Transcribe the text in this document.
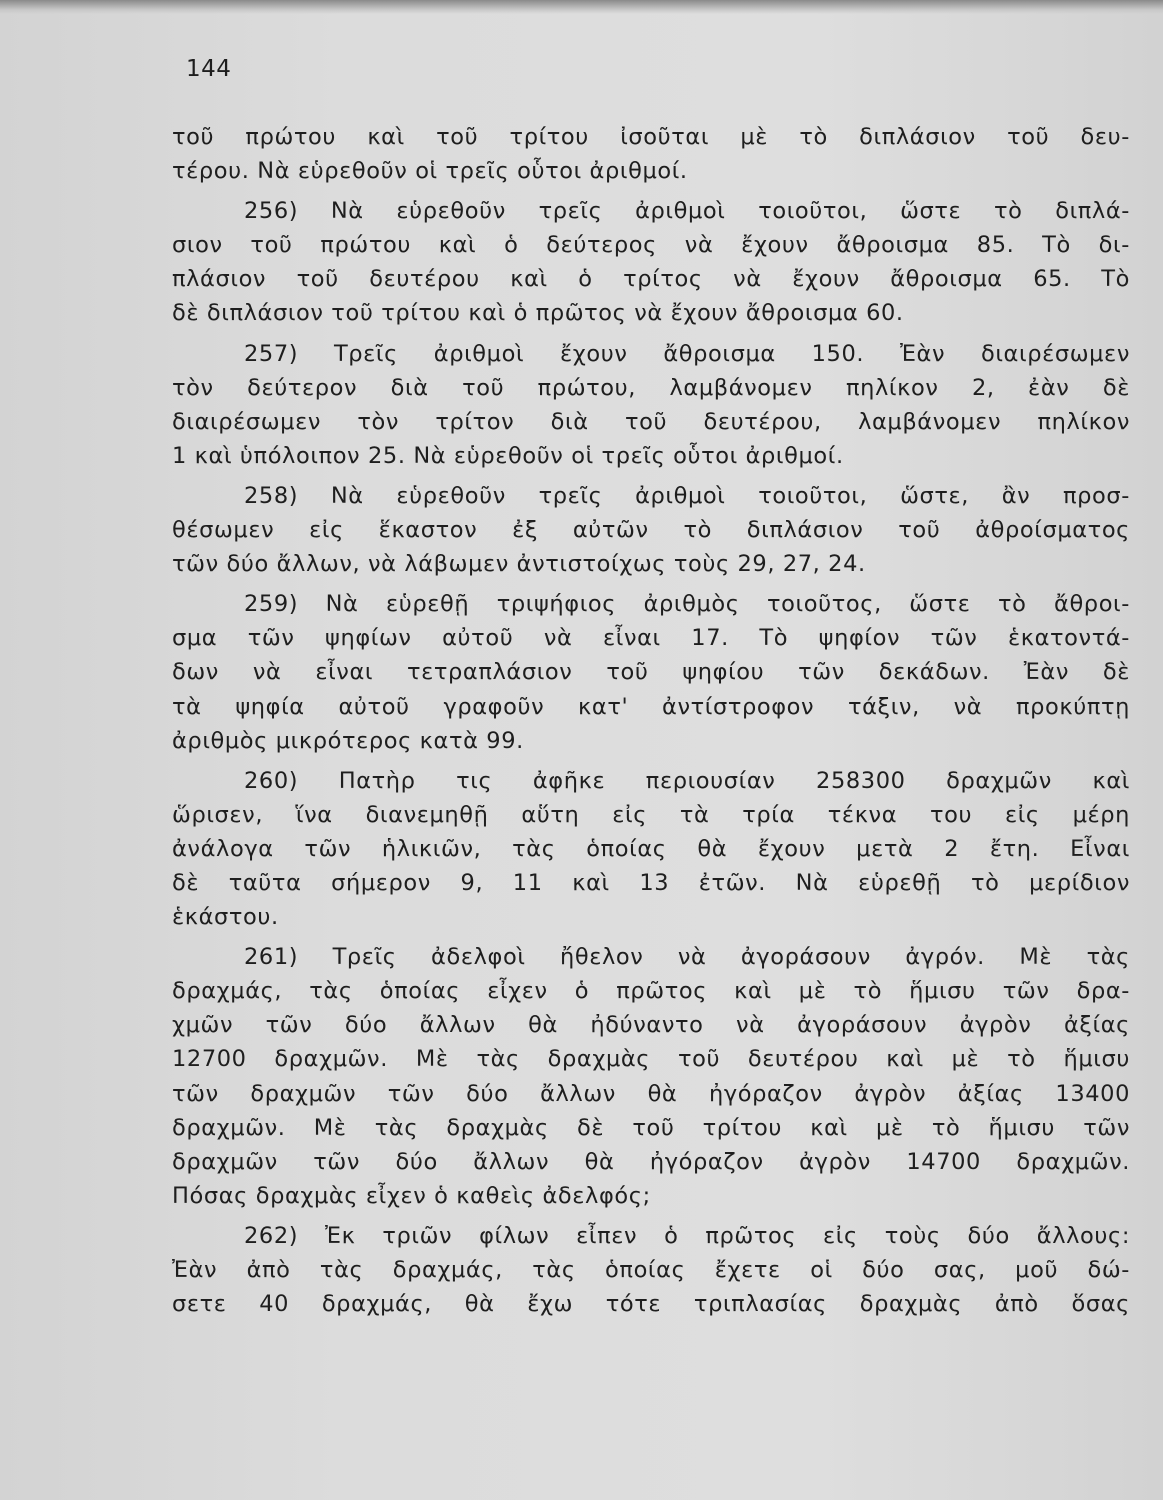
144
τοῦ πρώτου καὶ τοῦ τρίτου ἰσοῦται μὲ τὸ διπλάσιον τοῦ δευ-
τέρου. Νὰ εὑρεθοῦν οἱ τρεῖς οὗτοι ἀριθμοί.
256) Νὰ εὑρεθοῦν τρεῖς ἀριθμοὶ τοιοῦτοι, ὥστε τὸ διπλά-
σιον τοῦ πρώτου καὶ ὁ δεύτερος νὰ ἔχουν ἄθροισμα 85. Τὸ δι-
πλάσιον τοῦ δευτέρου καὶ ὁ τρίτος νὰ ἔχουν ἄθροισμα 65. Τὸ
δὲ διπλάσιον τοῦ τρίτου καὶ ὁ πρῶτος νὰ ἔχουν ἄθροισμα 60.
257) Τρεῖς ἀριθμοὶ ἔχουν ἄθροισμα 150. Ἐὰν διαιρέσωμεν
τὸν δεύτερον διὰ τοῦ πρώτου, λαμβάνομεν πηλίκον 2, ἐὰν δὲ
διαιρέσωμεν τὸν τρίτον διὰ τοῦ δευτέρου, λαμβάνομεν πηλίκον
1 καὶ ὑπόλοιπον 25. Νὰ εὑρεθοῦν οἱ τρεῖς οὗτοι ἀριθμοί.
258) Νὰ εὑρεθοῦν τρεῖς ἀριθμοὶ τοιοῦτοι, ὥστε, ἂν προσ-
θέσωμεν εἰς ἕκαστον ἐξ αὐτῶν τὸ διπλάσιον τοῦ ἀθροίσματος
τῶν δύο ἄλλων, νὰ λάβωμεν ἀντιστοίχως τοὺς 29, 27, 24.
259) Νὰ εὑρεθῇ τριψήφιος ἀριθμὸς τοιοῦτος, ὥστε τὸ ἄθροι-
σμα τῶν ψηφίων αὐτοῦ νὰ εἶναι 17. Τὸ ψηφίον τῶν ἑκατοντά-
δων νὰ εἶναι τετραπλάσιον τοῦ ψηφίου τῶν δεκάδων. Ἐὰν δὲ
τὰ ψηφία αὐτοῦ γραφοῦν κατ' ἀντίστροφον τάξιν, νὰ προκύπτῃ
ἀριθμὸς μικρότερος κατὰ 99.
260) Πατὴρ τις ἀφῆκε περιουσίαν 258300 δραχμῶν καὶ
ὥρισεν, ἵνα διανεμηθῇ αὕτη εἰς τὰ τρία τέκνα του εἰς μέρη
ἀνάλογα τῶν ἡλικιῶν, τὰς ὁποίας θὰ ἔχουν μετὰ 2 ἔτη. Εἶναι
δὲ ταῦτα σήμερον 9, 11 καὶ 13 ἐτῶν. Νὰ εὑρεθῇ τὸ μερίδιον
ἑκάστου.
261) Τρεῖς ἀδελφοὶ ἤθελον νὰ ἀγοράσουν ἀγρόν. Μὲ τὰς
δραχμάς, τὰς ὁποίας εἶχεν ὁ πρῶτος καὶ μὲ τὸ ἥμισυ τῶν δρα-
χμῶν τῶν δύο ἄλλων θὰ ἠδύναντο νὰ ἀγοράσουν ἀγρὸν ἀξίας
12700 δραχμῶν. Μὲ τὰς δραχμὰς τοῦ δευτέρου καὶ μὲ τὸ ἥμισυ
τῶν δραχμῶν τῶν δύο ἄλλων θὰ ἠγόραζον ἀγρὸν ἀξίας 13400
δραχμῶν. Μὲ τὰς δραχμὰς δὲ τοῦ τρίτου καὶ μὲ τὸ ἥμισυ τῶν
δραχμῶν τῶν δύο ἄλλων θὰ ἠγόραζον ἀγρὸν 14700 δραχμῶν.
Πόσας δραχμὰς εἶχεν ὁ καθεὶς ἀδελφός;
262) Ἐκ τριῶν φίλων εἶπεν ὁ πρῶτος εἰς τοὺς δύο ἄλλους:
Ἐὰν ἀπὸ τὰς δραχμάς, τὰς ὁποίας ἔχετε οἱ δύο σας, μοῦ δώ-
σετε 40 δραχμάς, θὰ ἔχω τότε τριπλασίας δραχμὰς ἀπὸ ὅσας
